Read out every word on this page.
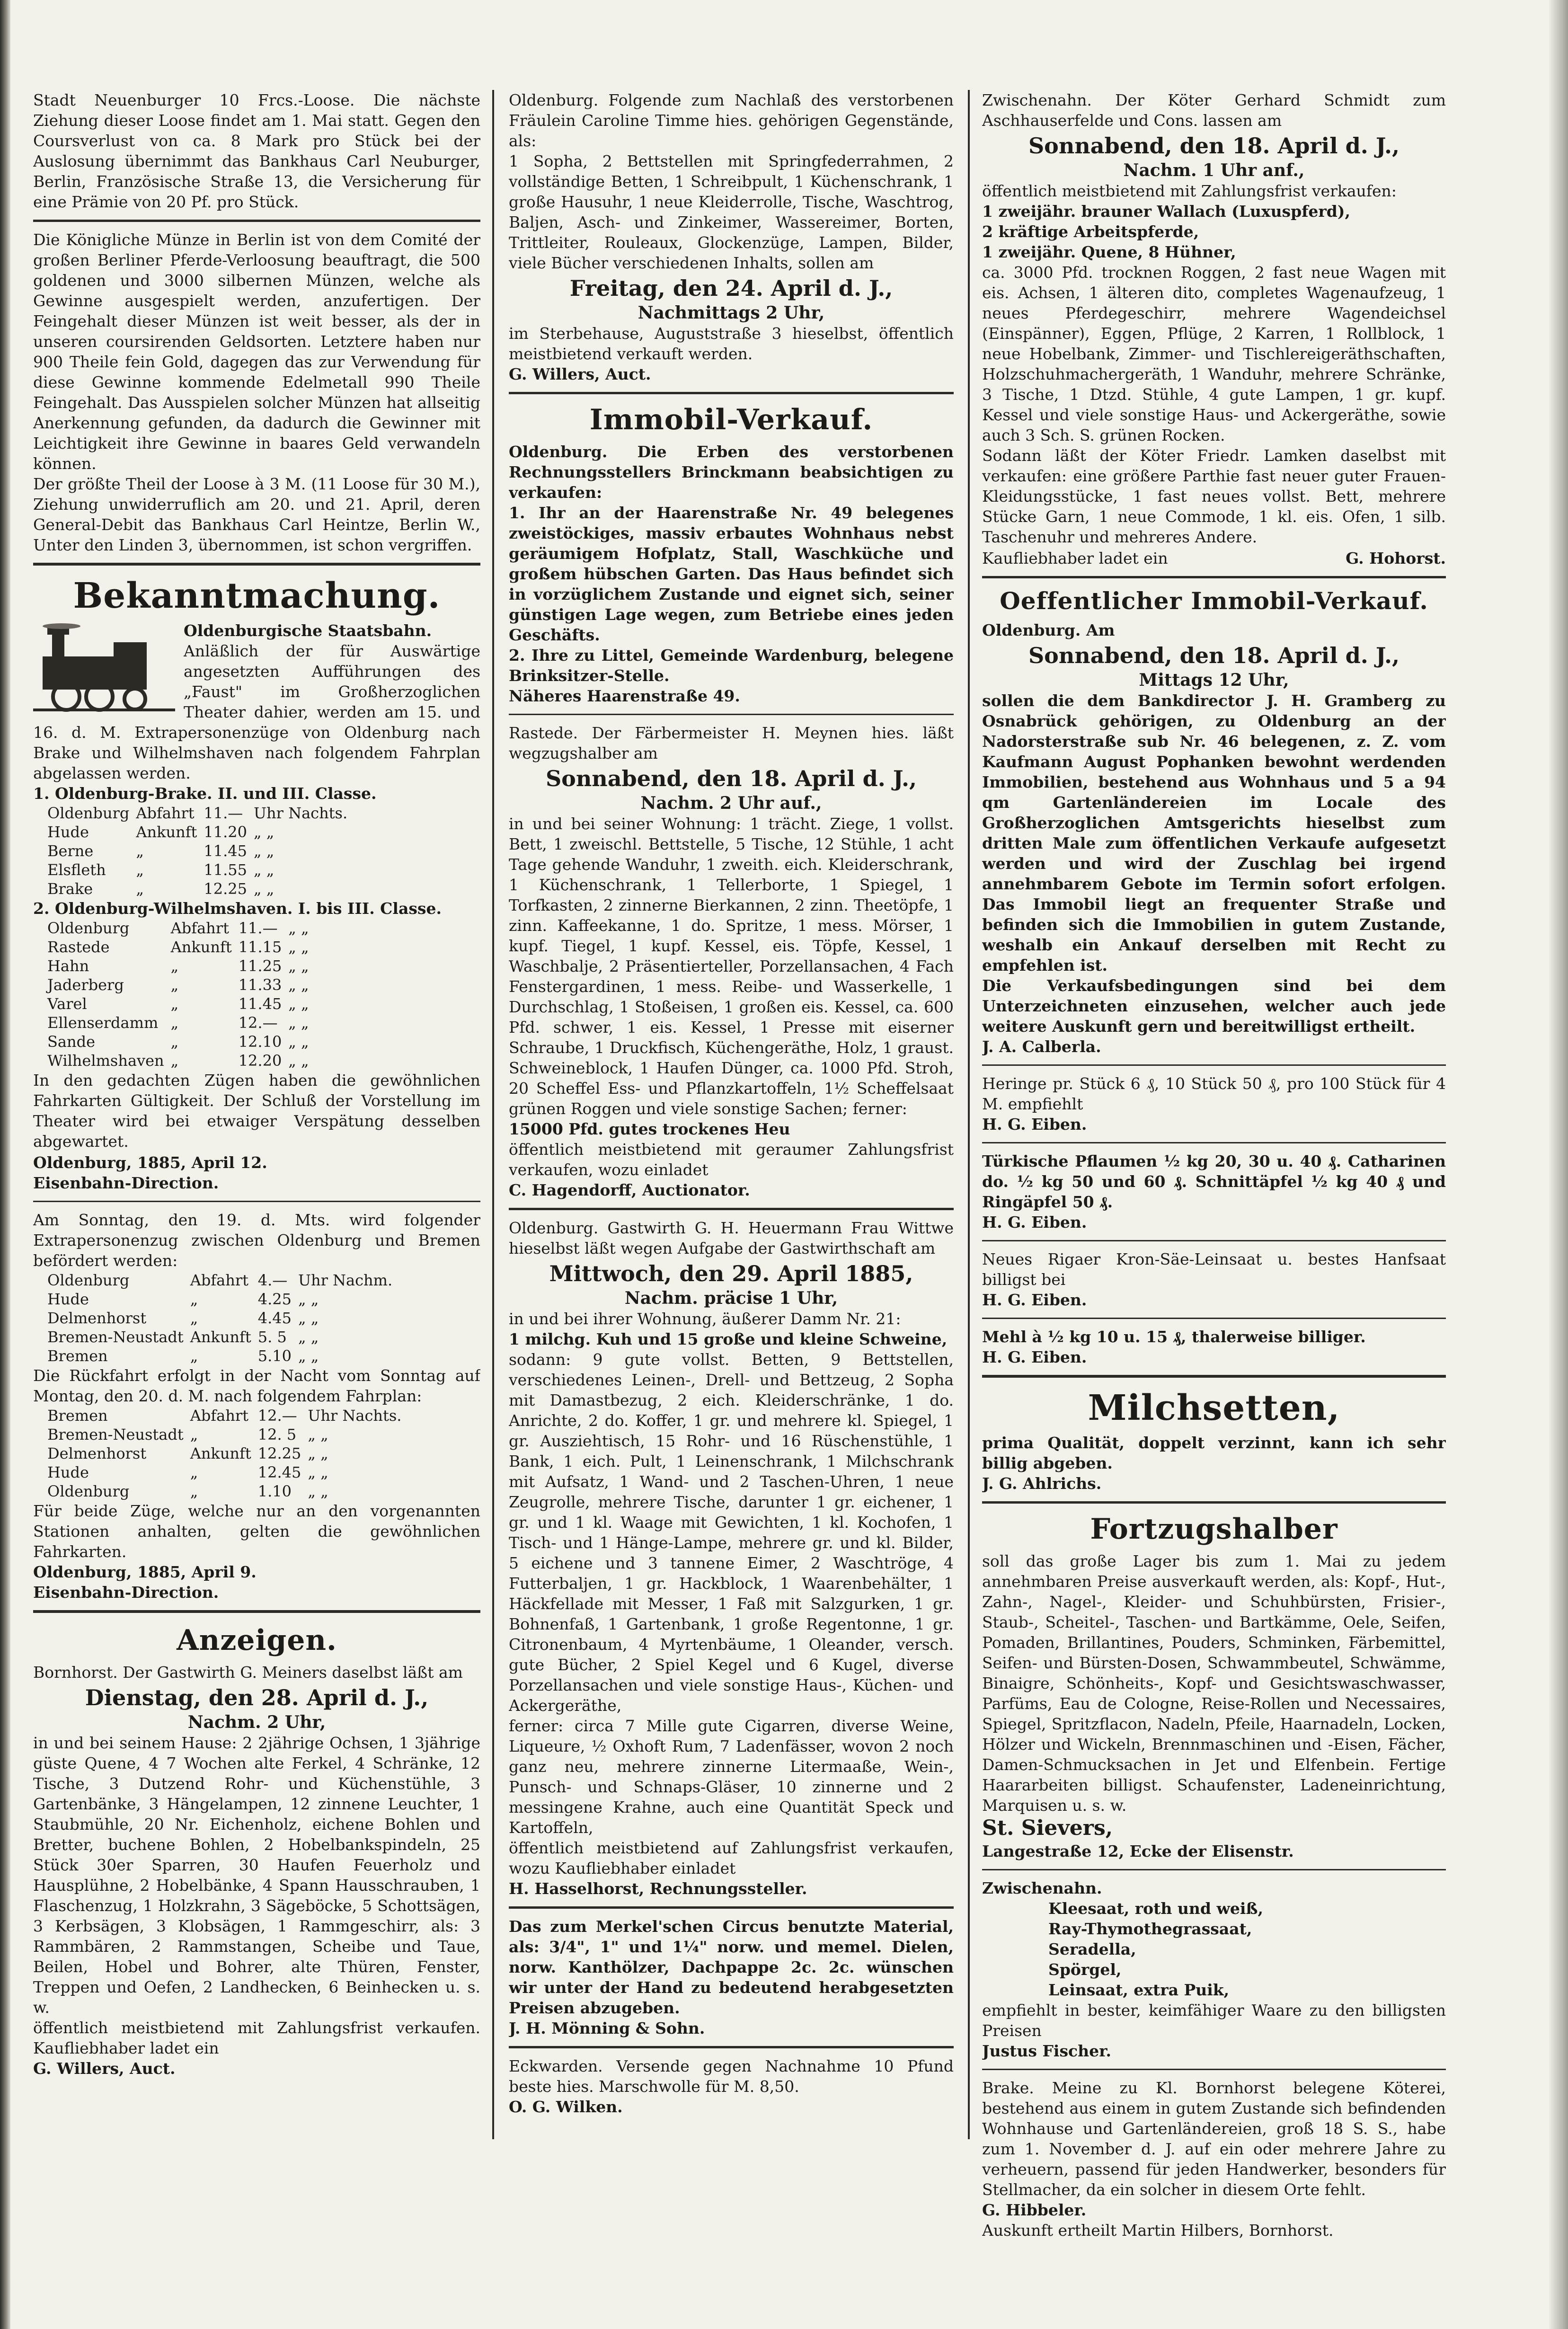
Stadt Neuenburger 10 Frcs.-Loose. Die nächste Ziehung dieser Loose findet am 1. Mai statt. Gegen den Coursverlust von ca. 8 Mark pro Stück bei der Auslosung übernimmt das Bankhaus Carl Neuburger, Berlin, Französische Straße 13, die Versicherung für eine Prämie von 20 Pf. pro Stück.

Die Königliche Münze in Berlin ist von dem Comité der großen Berliner Pferde-Verloosung beauftragt, die 500 goldenen und 3000 silbernen Münzen, welche als Gewinne ausgespielt werden, anzufertigen. Der Feingehalt dieser Münzen ist weit besser, als der in unseren coursirenden Geldsorten. Letztere haben nur 900 Theile fein Gold, dagegen das zur Verwendung für diese Gewinne kommende Edelmetall 990 Theile Feingehalt. Das Ausspielen solcher Münzen hat allseitig Anerkennung gefunden, da dadurch die Gewinner mit Leichtigkeit ihre Gewinne in baares Geld verwandeln können.

Der größte Theil der Loose à 3 M. (11 Loose für 30 M.), Ziehung unwiderruflich am 20. und 21. April, deren General-Debit das Bankhaus Carl Heintze, Berlin W., Unter den Linden 3, übernommen, ist schon vergriffen.

Bekanntmachung.

Oldenburgische Staatsbahn.

Anläßlich der für Auswärtige angesetzten Aufführungen des „Faust" im Großherzoglichen Theater dahier, werden am 15. und 16. d. M. Extrapersonenzüge von Oldenburg nach Brake und Wilhelmshaven nach folgendem Fahrplan abgelassen werden.

1. Oldenburg-Brake. II. und III. Classe.

Oldenburg	Abfahrt	11.—	Uhr Nachts.
Hude	Ankunft	11.20	„ „
Berne	„	11.45	„ „
Elsfleth	„	11.55	„ „
Brake	„	12.25	„ „

2. Oldenburg-Wilhelmshaven. I. bis III. Classe.

Oldenburg	Abfahrt	11.—	„ „
Rastede	Ankunft	11.15	„ „
Hahn	„	11.25	„ „
Jaderberg	„	11.33	„ „
Varel	„	11.45	„ „
Ellenserdamm	„	12.—	„ „
Sande	„	12.10	„ „
Wilhelmshaven	„	12.20	„ „

In den gedachten Zügen haben die gewöhnlichen Fahrkarten Gültigkeit. Der Schluß der Vorstellung im Theater wird bei etwaiger Verspätung desselben abgewartet.

Oldenburg, 1885, April 12.

Eisenbahn-Direction.

Am Sonntag, den 19. d. Mts. wird folgender Extrapersonenzug zwischen Oldenburg und Bremen befördert werden:

Oldenburg	Abfahrt	4.—	Uhr Nachm.
Hude	„	4.25	„ „
Delmenhorst	„	4.45	„ „
Bremen-Neustadt	Ankunft	5. 5	„ „
Bremen	„	5.10	„ „

Die Rückfahrt erfolgt in der Nacht vom Sonntag auf Montag, den 20. d. M. nach folgendem Fahrplan:

Bremen	Abfahrt	12.—	Uhr Nachts.
Bremen-Neustadt	„	12. 5	„ „
Delmenhorst	Ankunft	12.25	„ „
Hude	„	12.45	„ „
Oldenburg	„	1.10	„ „

Für beide Züge, welche nur an den vorgenannten Stationen anhalten, gelten die gewöhnlichen Fahrkarten.

Oldenburg, 1885, April 9.

Eisenbahn-Direction.

Anzeigen.

Bornhorst. Der Gastwirth G. Meiners daselbst läßt am

Dienstag, den 28. April d. J.,
Nachm. 2 Uhr,

in und bei seinem Hause: 2 2jährige Ochsen, 1 3jährige güste Quene, 4 7 Wochen alte Ferkel, 4 Schränke, 12 Tische, 3 Dutzend Rohr- und Küchenstühle, 3 Gartenbänke, 3 Hängelampen, 12 zinnene Leuchter, 1 Staubmühle, 20 Nr. Eichenholz, eichene Bohlen und Bretter, buchene Bohlen, 2 Hobelbankspindeln, 25 Stück 30er Sparren, 30 Haufen Feuerholz und Hausplühne, 2 Hobelbänke, 4 Spann Hausschrauben, 1 Flaschenzug, 1 Holzkrahn, 3 Sägeböcke, 5 Schottsägen, 3 Kerbsägen, 3 Klobsägen, 1 Rammgeschirr, als: 3 Rammbären, 2 Rammstangen, Scheibe und Taue, Beilen, Hobel und Bohrer, alte Thüren, Fenster, Treppen und Oefen, 2 Landhecken, 6 Beinhecken u. s. w.

öffentlich meistbietend mit Zahlungsfrist verkaufen. Kaufliebhaber ladet ein

G. Willers, Auct.

Oldenburg. Folgende zum Nachlaß des verstorbenen Fräulein Caroline Timme hies. gehörigen Gegenstände, als:

1 Sopha, 2 Bettstellen mit Springfederrahmen, 2 vollständige Betten, 1 Schreibpult, 1 Küchenschrank, 1 große Hausuhr, 1 neue Kleiderrolle, Tische, Waschtrog, Baljen, Asch- und Zinkeimer, Wassereimer, Borten, Trittleiter, Rouleaux, Glockenzüge, Lampen, Bilder, viele Bücher verschiedenen Inhalts, sollen am

Freitag, den 24. April d. J.,
Nachmittags 2 Uhr,

im Sterbehause, Auguststraße 3 hieselbst, öffentlich meistbietend verkauft werden.

G. Willers, Auct.

Immobil-Verkauf.

Oldenburg. Die Erben des verstorbenen Rechnungsstellers Brinckmann beabsichtigen zu verkaufen:

1. Ihr an der Haarenstraße Nr. 49 belegenes zweistöckiges, massiv erbautes Wohnhaus nebst geräumigem Hofplatz, Stall, Waschküche und großem hübschen Garten. Das Haus befindet sich in vorzüglichem Zustande und eignet sich, seiner günstigen Lage wegen, zum Betriebe eines jeden Geschäfts.

2. Ihre zu Littel, Gemeinde Wardenburg, belegene Brinksitzer-Stelle.

Näheres Haarenstraße 49.

Rastede. Der Färbermeister H. Meynen hies. läßt wegzugshalber am

Sonnabend, den 18. April d. J.,
Nachm. 2 Uhr auf.,

in und bei seiner Wohnung: 1 trächt. Ziege, 1 vollst. Bett, 1 zweischl. Bettstelle, 5 Tische, 12 Stühle, 1 acht Tage gehende Wanduhr, 1 zweith. eich. Kleiderschrank, 1 Küchenschrank, 1 Tellerborte, 1 Spiegel, 1 Torfkasten, 2 zinnerne Bierkannen, 2 zinn. Theetöpfe, 1 zinn. Kaffeekanne, 1 do. Spritze, 1 mess. Mörser, 1 kupf. Tiegel, 1 kupf. Kessel, eis. Töpfe, Kessel, 1 Waschbalje, 2 Präsentierteller, Porzellansachen, 4 Fach Fenstergardinen, 1 mess. Reibe- und Wasserkelle, 1 Durchschlag, 1 Stoßeisen, 1 großen eis. Kessel, ca. 600 Pfd. schwer, 1 eis. Kessel, 1 Presse mit eiserner Schraube, 1 Druckfisch, Küchengeräthe, Holz, 1 graust. Schweineblock, 1 Haufen Dünger, ca. 1000 Pfd. Stroh, 20 Scheffel Ess- und Pflanzkartoffeln, 1½ Scheffelsaat grünen Roggen und viele sonstige Sachen; ferner:

15000 Pfd. gutes trockenes Heu

öffentlich meistbietend mit geraumer Zahlungsfrist verkaufen, wozu einladet

C. Hagendorff, Auctionator.

Oldenburg. Gastwirth G. H. Heuermann Frau Wittwe hieselbst läßt wegen Aufgabe der Gastwirthschaft am

Mittwoch, den 29. April 1885,
Nachm. präcise 1 Uhr,

in und bei ihrer Wohnung, äußerer Damm Nr. 21:

1 milchg. Kuh und 15 große und kleine Schweine,

sodann: 9 gute vollst. Betten, 9 Bettstellen, verschiedenes Leinen-, Drell- und Bettzeug, 2 Sopha mit Damastbezug, 2 eich. Kleiderschränke, 1 do. Anrichte, 2 do. Koffer, 1 gr. und mehrere kl. Spiegel, 1 gr. Ausziehtisch, 15 Rohr- und 16 Rüschenstühle, 1 Bank, 1 eich. Pult, 1 Leinenschrank, 1 Milchschrank mit Aufsatz, 1 Wand- und 2 Taschen-Uhren, 1 neue Zeugrolle, mehrere Tische, darunter 1 gr. eichener, 1 gr. und 1 kl. Waage mit Gewichten, 1 kl. Kochofen, 1 Tisch- und 1 Hänge-Lampe, mehrere gr. und kl. Bilder, 5 eichene und 3 tannene Eimer, 2 Waschtröge, 4 Futterbaljen, 1 gr. Hackblock, 1 Waarenbehälter, 1 Häckfellade mit Messer, 1 Faß mit Salzgurken, 1 gr. Bohnenfaß, 1 Gartenbank, 1 große Regentonne, 1 gr. Citronenbaum, 4 Myrtenbäume, 1 Oleander, versch. gute Bücher, 2 Spiel Kegel und 6 Kugel, diverse Porzellansachen und viele sonstige Haus-, Küchen- und Ackergeräthe,

ferner: circa 7 Mille gute Cigarren, diverse Weine, Liqueure, ½ Oxhoft Rum, 7 Ladenfässer, wovon 2 noch ganz neu, mehrere zinnerne Litermaaße, Wein-, Punsch- und Schnaps-Gläser, 10 zinnerne und 2 messingene Krahne, auch eine Quantität Speck und Kartoffeln,

öffentlich meistbietend auf Zahlungsfrist verkaufen, wozu Kaufliebhaber einladet

H. Hasselhorst, Rechnungssteller.

Das zum Merkel'schen Circus benutzte Material, als: 3/4", 1" und 1¼" norw. und memel. Dielen, norw. Kanthölzer, Dachpappe 2c. 2c. wünschen wir unter der Hand zu bedeutend herabgesetzten Preisen abzugeben.

J. H. Mönning & Sohn.

Eckwarden. Versende gegen Nachnahme 10 Pfund beste hies. Marschwolle für M. 8,50.

O. G. Wilken.

Zwischenahn. Der Köter Gerhard Schmidt zum Aschhauserfelde und Cons. lassen am

Sonnabend, den 18. April d. J.,
Nachm. 1 Uhr anf.,

öffentlich meistbietend mit Zahlungsfrist verkaufen:

1 zweijähr. brauner Wallach (Luxuspferd),

2 kräftige Arbeitspferde,

1 zweijähr. Quene, 8 Hühner,

ca. 3000 Pfd. trocknen Roggen, 2 fast neue Wagen mit eis. Achsen, 1 älteren dito, completes Wagenaufzeug, 1 neues Pferdegeschirr, mehrere Wagendeichsel (Einspänner), Eggen, Pflüge, 2 Karren, 1 Rollblock, 1 neue Hobelbank, Zimmer- und Tischlereigeräthschaften, Holzschuhmachergeräth, 1 Wanduhr, mehrere Schränke, 3 Tische, 1 Dtzd. Stühle, 4 gute Lampen, 1 gr. kupf. Kessel und viele sonstige Haus- und Ackergeräthe, sowie auch 3 Sch. S. grünen Rocken.

Sodann läßt der Köter Friedr. Lamken daselbst mit verkaufen: eine größere Parthie fast neuer guter Frauen-Kleidungsstücke, 1 fast neues vollst. Bett, mehrere Stücke Garn, 1 neue Commode, 1 kl. eis. Ofen, 1 silb. Taschenuhr und mehreres Andere.

Kaufliebhaber ladet ein	G. Hohorst.
Oeffentlicher Immobil-Verkauf.

Oldenburg. Am

Sonnabend, den 18. April d. J.,
Mittags 12 Uhr,

sollen die dem Bankdirector J. H. Gramberg zu Osnabrück gehörigen, zu Oldenburg an der Nadorsterstraße sub Nr. 46 belegenen, z. Z. vom Kaufmann August Pophanken bewohnt werdenden Immobilien, bestehend aus Wohnhaus und 5 a 94 qm Gartenländereien im Locale des Großherzoglichen Amtsgerichts hieselbst zum dritten Male zum öffentlichen Verkaufe aufgesetzt werden und wird der Zuschlag bei irgend annehmbarem Gebote im Termin sofort erfolgen. Das Immobil liegt an frequenter Straße und befinden sich die Immobilien in gutem Zustande, weshalb ein Ankauf derselben mit Recht zu empfehlen ist.

Die Verkaufsbedingungen sind bei dem Unterzeichneten einzusehen, welcher auch jede weitere Auskunft gern und bereitwilligst ertheilt.

J. A. Calberla.

Heringe pr. Stück 6 ₰, 10 Stück 50 ₰, pro 100 Stück für 4 M. empfiehlt

H. G. Eiben.

Türkische Pflaumen ½ kg 20, 30 u. 40 ₰. Catharinen do. ½ kg 50 und 60 ₰. Schnittäpfel ½ kg 40 ₰ und Ringäpfel 50 ₰.

H. G. Eiben.

Neues Rigaer Kron-Säe-Leinsaat u. bestes Hanfsaat billigst bei

H. G. Eiben.

Mehl à ½ kg 10 u. 15 ₰, thalerweise billiger.

H. G. Eiben.

Milchsetten,

prima Qualität, doppelt verzinnt, kann ich sehr billig abgeben.

J. G. Ahlrichs.

Fortzugshalber

soll das große Lager bis zum 1. Mai zu jedem annehmbaren Preise ausverkauft werden, als: Kopf-, Hut-, Zahn-, Nagel-, Kleider- und Schuhbürsten, Frisier-, Staub-, Scheitel-, Taschen- und Bartkämme, Oele, Seifen, Pomaden, Brillantines, Pouders, Schminken, Färbemittel, Seifen- und Bürsten-Dosen, Schwammbeutel, Schwämme, Binaigre, Schönheits-, Kopf- und Gesichtswaschwasser, Parfüms, Eau de Cologne, Reise-Rollen und Necessaires, Spiegel, Spritzflacon, Nadeln, Pfeile, Haarnadeln, Locken, Hölzer und Wickeln, Brennmaschinen und -Eisen, Fächer, Damen-Schmucksachen in Jet und Elfenbein. Fertige Haararbeiten billigst. Schaufenster, Ladeneinrichtung, Marquisen u. s. w.

St. Sievers,

Langestraße 12, Ecke der Elisenstr.

Zwischenahn.

Kleesaat, roth und weiß,

Ray-Thymothegrassaat,

Seradella,

Spörgel,

Leinsaat, extra Puik,

empfiehlt in bester, keimfähiger Waare zu den billigsten Preisen

Justus Fischer.

Brake. Meine zu Kl. Bornhorst belegene Köterei, bestehend aus einem in gutem Zustande sich befindenden Wohnhause und Gartenländereien, groß 18 S. S., habe zum 1. November d. J. auf ein oder mehrere Jahre zu verheuern, passend für jeden Handwerker, besonders für Stellmacher, da ein solcher in diesem Orte fehlt.

G. Hibbeler.

Auskunft ertheilt Martin Hilbers, Bornhorst.
